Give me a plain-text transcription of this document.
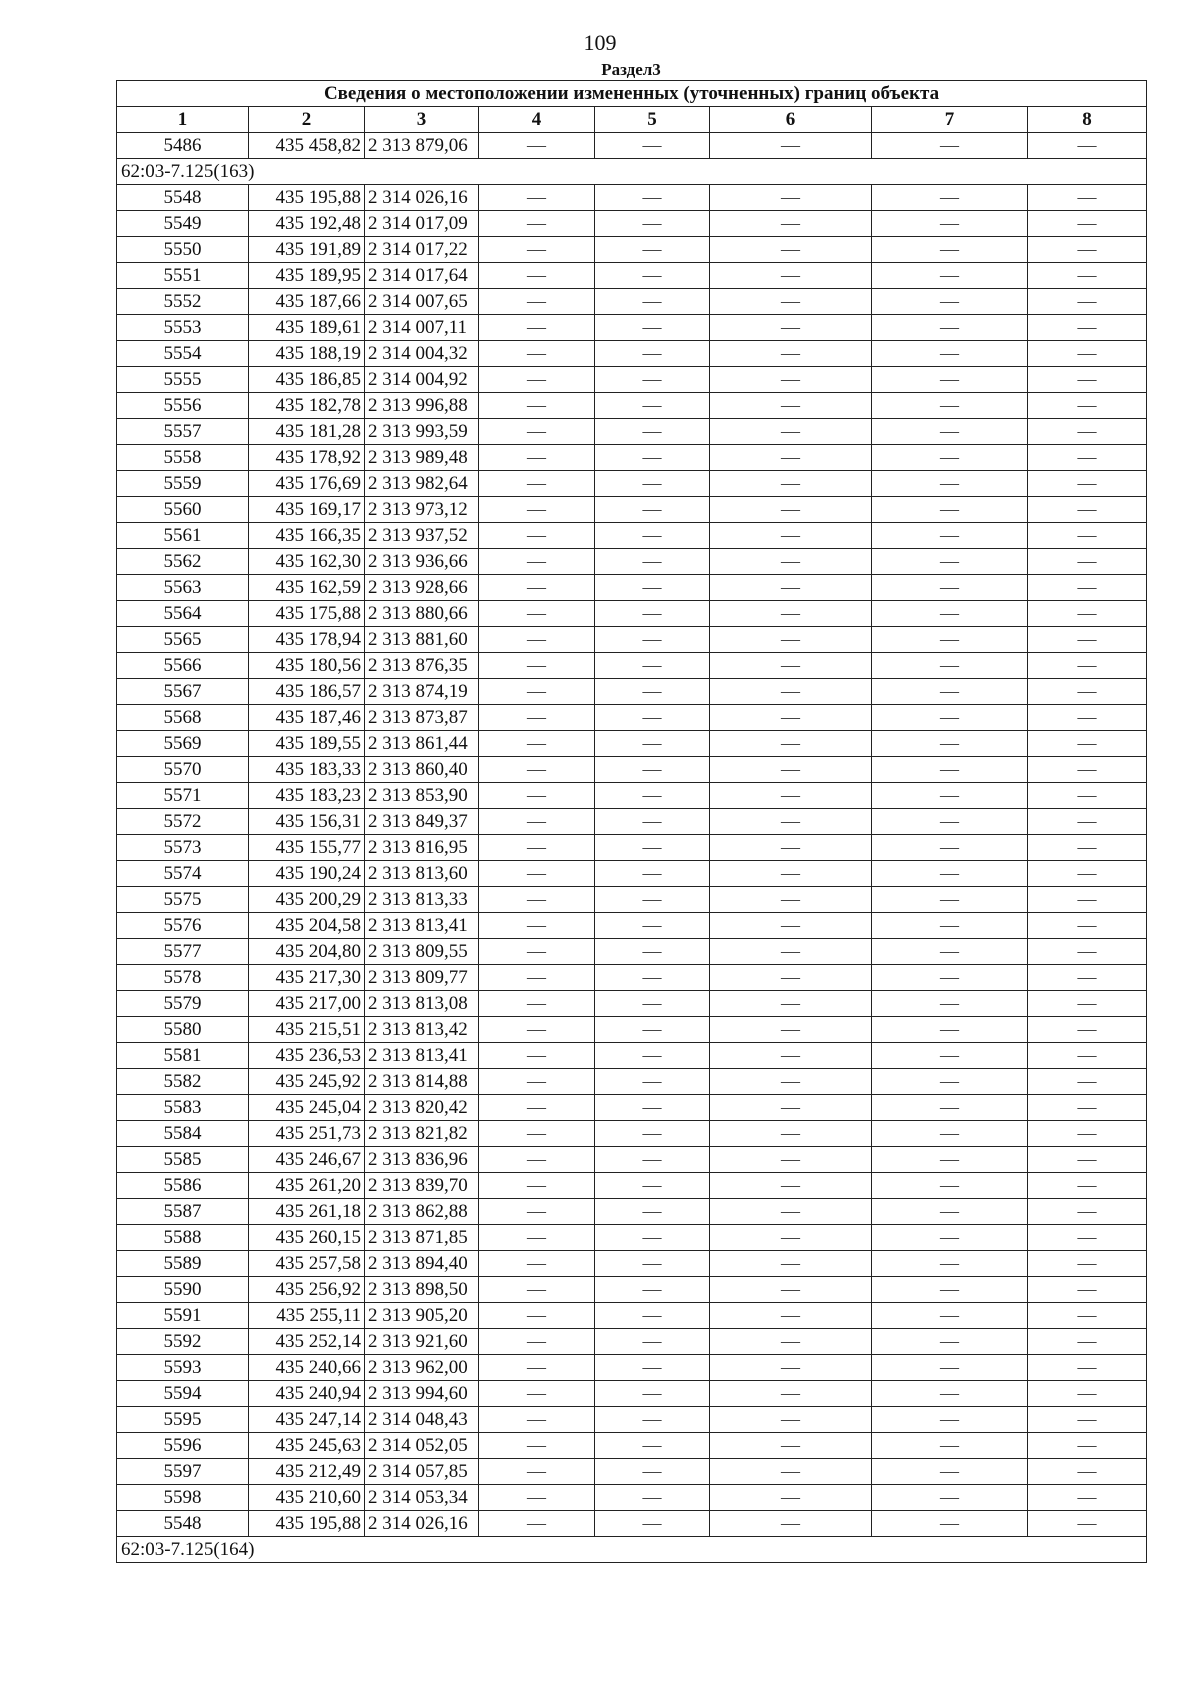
109
Раздел3
Сведения о местоположении измененных (уточненных) границ объекта							
1	2	3	4	5	6	7	8
5486	435 458,82	2 313 879,06	—	—	—	—	—
62:03-7.125(163)							
5548	435 195,88	2 314 026,16	—	—	—	—	—
5549	435 192,48	2 314 017,09	—	—	—	—	—
5550	435 191,89	2 314 017,22	—	—	—	—	—
5551	435 189,95	2 314 017,64	—	—	—	—	—
5552	435 187,66	2 314 007,65	—	—	—	—	—
5553	435 189,61	2 314 007,11	—	—	—	—	—
5554	435 188,19	2 314 004,32	—	—	—	—	—
5555	435 186,85	2 314 004,92	—	—	—	—	—
5556	435 182,78	2 313 996,88	—	—	—	—	—
5557	435 181,28	2 313 993,59	—	—	—	—	—
5558	435 178,92	2 313 989,48	—	—	—	—	—
5559	435 176,69	2 313 982,64	—	—	—	—	—
5560	435 169,17	2 313 973,12	—	—	—	—	—
5561	435 166,35	2 313 937,52	—	—	—	—	—
5562	435 162,30	2 313 936,66	—	—	—	—	—
5563	435 162,59	2 313 928,66	—	—	—	—	—
5564	435 175,88	2 313 880,66	—	—	—	—	—
5565	435 178,94	2 313 881,60	—	—	—	—	—
5566	435 180,56	2 313 876,35	—	—	—	—	—
5567	435 186,57	2 313 874,19	—	—	—	—	—
5568	435 187,46	2 313 873,87	—	—	—	—	—
5569	435 189,55	2 313 861,44	—	—	—	—	—
5570	435 183,33	2 313 860,40	—	—	—	—	—
5571	435 183,23	2 313 853,90	—	—	—	—	—
5572	435 156,31	2 313 849,37	—	—	—	—	—
5573	435 155,77	2 313 816,95	—	—	—	—	—
5574	435 190,24	2 313 813,60	—	—	—	—	—
5575	435 200,29	2 313 813,33	—	—	—	—	—
5576	435 204,58	2 313 813,41	—	—	—	—	—
5577	435 204,80	2 313 809,55	—	—	—	—	—
5578	435 217,30	2 313 809,77	—	—	—	—	—
5579	435 217,00	2 313 813,08	—	—	—	—	—
5580	435 215,51	2 313 813,42	—	—	—	—	—
5581	435 236,53	2 313 813,41	—	—	—	—	—
5582	435 245,92	2 313 814,88	—	—	—	—	—
5583	435 245,04	2 313 820,42	—	—	—	—	—
5584	435 251,73	2 313 821,82	—	—	—	—	—
5585	435 246,67	2 313 836,96	—	—	—	—	—
5586	435 261,20	2 313 839,70	—	—	—	—	—
5587	435 261,18	2 313 862,88	—	—	—	—	—
5588	435 260,15	2 313 871,85	—	—	—	—	—
5589	435 257,58	2 313 894,40	—	—	—	—	—
5590	435 256,92	2 313 898,50	—	—	—	—	—
5591	435 255,11	2 313 905,20	—	—	—	—	—
5592	435 252,14	2 313 921,60	—	—	—	—	—
5593	435 240,66	2 313 962,00	—	—	—	—	—
5594	435 240,94	2 313 994,60	—	—	—	—	—
5595	435 247,14	2 314 048,43	—	—	—	—	—
5596	435 245,63	2 314 052,05	—	—	—	—	—
5597	435 212,49	2 314 057,85	—	—	—	—	—
5598	435 210,60	2 314 053,34	—	—	—	—	—
5548	435 195,88	2 314 026,16	—	—	—	—	—
62:03-7.125(164)							
